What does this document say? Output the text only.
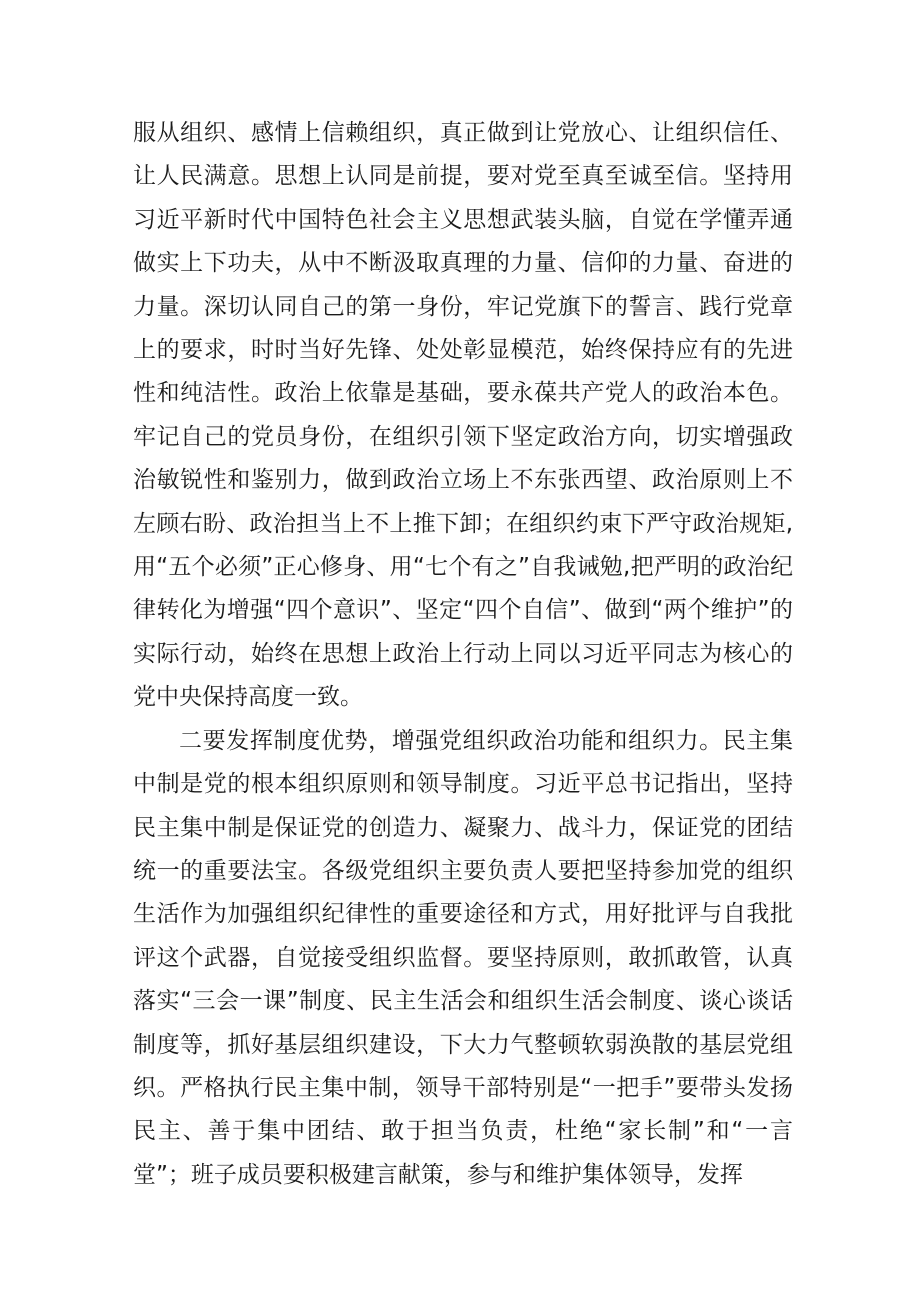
服从组织、感情上信赖组织，真正做到让党放心、让组织信任、让人民满意。思想上认同是前提，要对党至真至诚至信。坚持用习近平新时代中国特色社会主义思想武装头脑，自觉在学懂弄通做实上下功夫，从中不断汲取真理的力量、信仰的力量、奋进的力量。深切认同自己的第一身份，牢记党旗下的誓言、践行党章上的要求，时时当好先锋、处处彰显模范，始终保持应有的先进性和纯洁性。政治上依靠是基础，要永葆共产党人的政治本色。牢记自己的党员身份，在组织引领下坚定政治方向，切实增强政治敏锐性和鉴别力，做到政治立场上不东张西望、政治原则上不左顾右盼、政治担当上不上推下卸；在组织约束下严守政治规矩,用“五个必须”正心修身、用“七个有之”自我诫勉,把严明的政治纪律转化为增强“四个意识”、坚定“四个自信”、做到“两个维护”的实际行动，始终在思想上政治上行动上同以习近平同志为核心的党中央保持高度一致。

二要发挥制度优势，增强党组织政治功能和组织力。民主集中制是党的根本组织原则和领导制度。习近平总书记指出，坚持民主集中制是保证党的创造力、凝聚力、战斗力，保证党的团结统一的重要法宝。各级党组织主要负责人要把坚持参加党的组织生活作为加强组织纪律性的重要途径和方式，用好批评与自我批评这个武器，自觉接受组织监督。要坚持原则，敢抓敢管，认真落实“三会一课”制度、民主生活会和组织生活会制度、谈心谈话制度等，抓好基层组织建设，下大力气整顿软弱涣散的基层党组织。严格执行民主集中制，领导干部特别是“一把手”要带头发扬民主、善于集中团结、敢于担当负责，杜绝“家长制”和“一言堂”；班子成员要积极建言献策，参与和维护集体领导，发挥
